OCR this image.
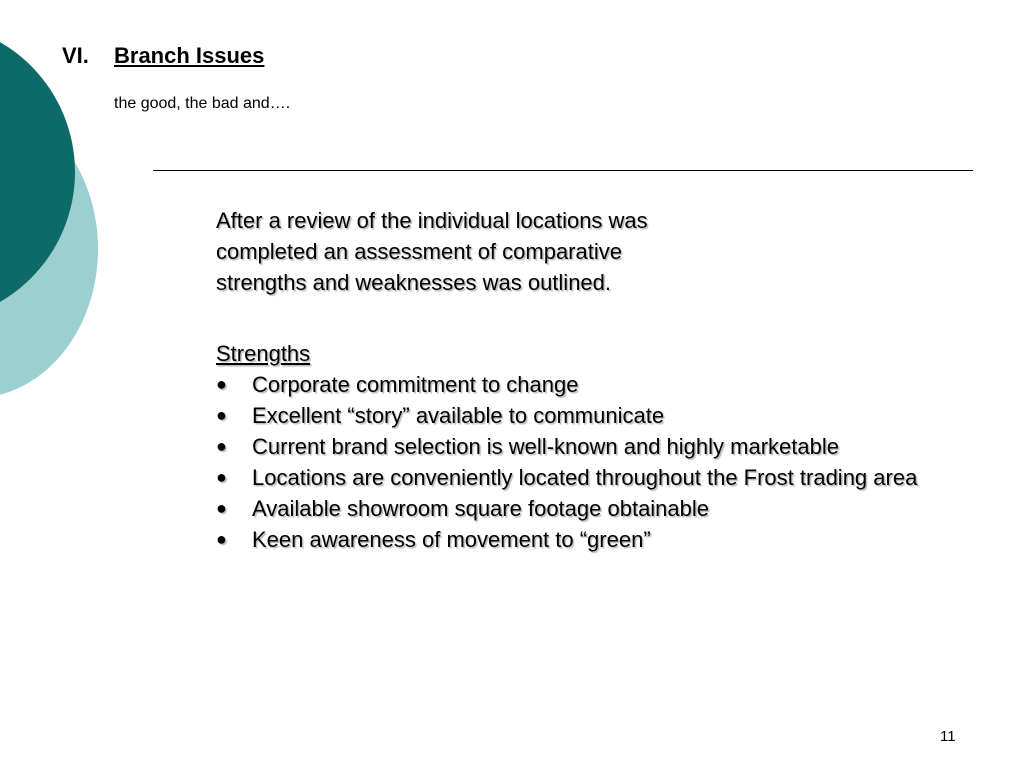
VI. Branch Issues
the good, the bad and….

After a review of the individual locations was

completed an assessment of comparative

strengths and weaknesses was outlined.

Strengths

●	Corporate commitment to change
●	Excellent “story” available to communicate
●	Current brand selection is well-known and highly marketable
●	Locations are conveniently located throughout the Frost trading area
●	Available showroom square footage obtainable
●	Keen awareness of movement to “green”
11
